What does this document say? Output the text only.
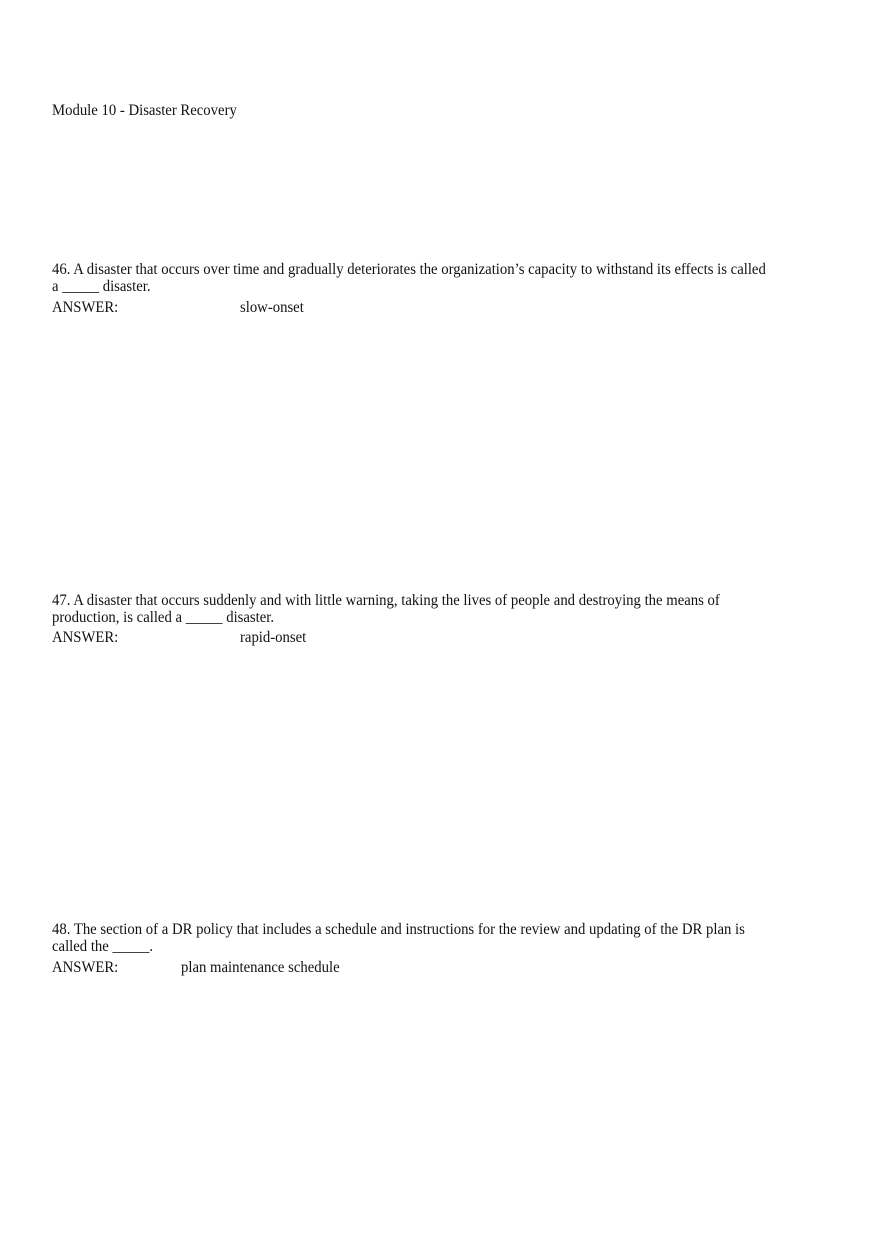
Module 10 - Disaster Recovery
46. A disaster that occurs over time and gradually deteriorates the organization’s capacity to withstand its effects is called
a _____ disaster.
ANSWER:	slow-onset
47. A disaster that occurs suddenly and with little warning, taking the lives of people and destroying the means of
production, is called a _____ disaster.
ANSWER:	rapid-onset
48. The section of a DR policy that includes a schedule and instructions for the review and updating of the DR plan is
called the _____.
ANSWER:	plan maintenance schedule
